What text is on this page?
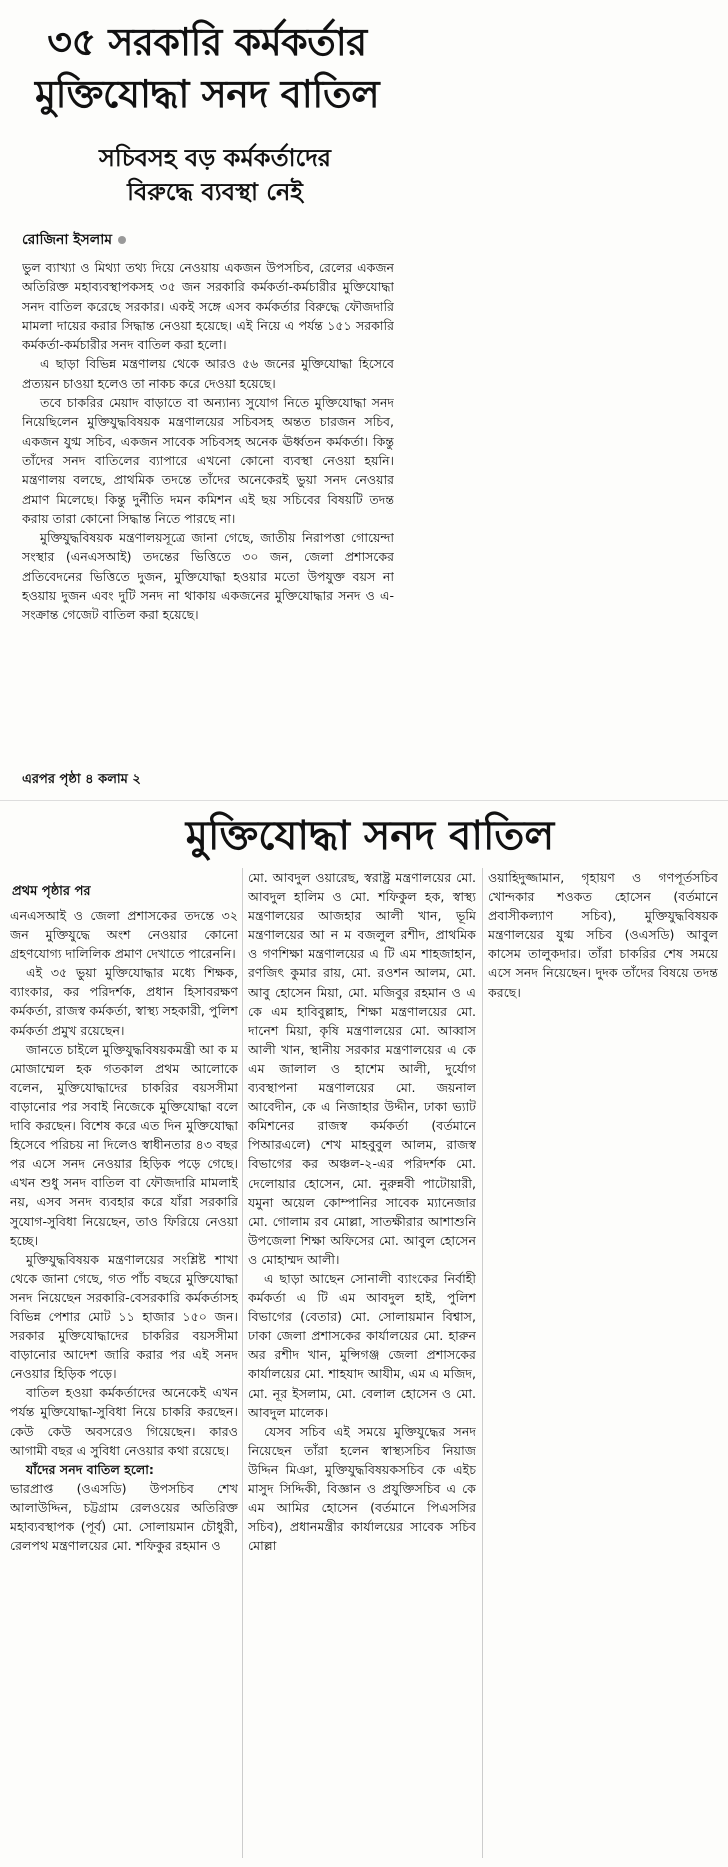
৩৫ সরকারি কর্মকর্তার
মুক্তিযোদ্ধা সনদ বাতিল
সচিবসহ বড় কর্মকর্তাদের
বিরুদ্ধে ব্যবস্থা নেই
রোজিনা ইসলাম

ভুল ব্যাখ্যা ও মিথ্যা তথ্য দিয়ে নেওয়ায় একজন উপসচিব, রেলের একজন অতিরিক্ত মহাব্যবস্থাপকসহ ৩৫ জন সরকারি কর্মকর্তা-কর্মচারীর মুক্তিযোদ্ধা সনদ বাতিল করেছে সরকার। একই সঙ্গে এসব কর্মকর্তার বিরুদ্ধে ফৌজদারি মামলা দায়ের করার সিদ্ধান্ত নেওয়া হয়েছে। এই নিয়ে এ পর্যন্ত ১৫১ সরকারি কর্মকর্তা-কর্মচারীর সনদ বাতিল করা হলো।

এ ছাড়া বিভিন্ন মন্ত্রণালয় থেকে আরও ৫৬ জনের মুক্তিযোদ্ধা হিসেবে প্রত্যয়ন চাওয়া হলেও তা নাকচ করে দেওয়া হয়েছে।

তবে চাকরির মেয়াদ বাড়াতে বা অন্যান্য সুযোগ নিতে মুক্তিযোদ্ধা সনদ নিয়েছিলেন মুক্তিযুদ্ধবিষয়ক মন্ত্রণালয়ের সচিবসহ অন্তত চারজন সচিব, একজন যুগ্ম সচিব, একজন সাবেক সচিবসহ অনেক ঊর্ধ্বতন কর্মকর্তা। কিন্তু তাঁদের সনদ বাতিলের ব্যাপারে এখনো কোনো ব্যবস্থা নেওয়া হয়নি। মন্ত্রণালয় বলছে, প্রাথমিক তদন্তে তাঁদের অনেকেরই ভুয়া সনদ নেওয়ার প্রমাণ মিলেছে। কিন্তু দুর্নীতি দমন কমিশন এই ছয় সচিবের বিষয়টি তদন্ত করায় তারা কোনো সিদ্ধান্ত নিতে পারছে না।

মুক্তিযুদ্ধবিষয়ক মন্ত্রণালয়সূত্রে জানা গেছে, জাতীয় নিরাপত্তা গোয়েন্দা সংস্থার (এনএসআই) তদন্তের ভিত্তিতে ৩০ জন, জেলা প্রশাসকের প্রতিবেদনের ভিত্তিতে দুজন, মুক্তিযোদ্ধা হওয়ার মতো উপযুক্ত বয়স না হওয়ায় দুজন এবং দুটি সনদ না থাকায় একজনের মুক্তিযোদ্ধার সনদ ও এ-সংক্রান্ত গেজেট বাতিল করা হয়েছে।

এরপর পৃষ্ঠা ৪ কলাম ২
মুক্তিযোদ্ধা সনদ বাতিল
প্রথম পৃষ্ঠার পর

এনএসআই ও জেলা প্রশাসকের তদন্তে ৩২ জন মুক্তিযুদ্ধে অংশ নেওয়ার কোনো গ্রহণযোগ্য দালিলিক প্রমাণ দেখাতে পারেননি।

এই ৩৫ ভুয়া মুক্তিযোদ্ধার মধ্যে শিক্ষক, ব্যাংকার, কর পরিদর্শক, প্রধান হিসাবরক্ষণ কর্মকর্তা, রাজস্ব কর্মকর্তা, স্বাস্থ্য সহকারী, পুলিশ কর্মকর্তা প্রমুখ রয়েছেন।

জানতে চাইলে মুক্তিযুদ্ধবিষয়কমন্ত্রী আ ক ম মোজাম্মেল হক গতকাল প্রথম আলোকে বলেন, মুক্তিযোদ্ধাদের চাকরির বয়সসীমা বাড়ানোর পর সবাই নিজেকে মুক্তিযোদ্ধা বলে দাবি করছেন। বিশেষ করে এত দিন মুক্তিযোদ্ধা হিসেবে পরিচয় না দিলেও স্বাধীনতার ৪৩ বছর পর এসে সনদ নেওয়ার হিড়িক পড়ে গেছে। এখন শুধু সনদ বাতিল বা ফৌজদারি মামলাই নয়, এসব সনদ ব্যবহার করে যাঁরা সরকারি সুযোগ-সুবিধা নিয়েছেন, তাও ফিরিয়ে নেওয়া হচ্ছে।

মুক্তিযুদ্ধবিষয়ক মন্ত্রণালয়ের সংশ্লিষ্ট শাখা থেকে জানা গেছে, গত পাঁচ বছরে মুক্তিযোদ্ধা সনদ নিয়েছেন সরকারি-বেসরকারি কর্মকর্তাসহ বিভিন্ন পেশার মোট ১১ হাজার ১৫০ জন। সরকার মুক্তিযোদ্ধাদের চাকরির বয়সসীমা বাড়ানোর আদেশ জারি করার পর এই সনদ নেওয়ার হিড়িক পড়ে।

বাতিল হওয়া কর্মকর্তাদের অনেকেই এখন পর্যন্ত মুক্তিযোদ্ধা-সুবিধা নিয়ে চাকরি করছেন। কেউ কেউ অবসরেও গিয়েছেন। কারও আগামী বছর এ সুবিধা নেওয়ার কথা রয়েছে।

যাঁদের সনদ বাতিল হলো:

ভারপ্রাপ্ত (ওএসডি) উপসচিব শেখ আলাউদ্দিন, চট্টগ্রাম রেলওয়ের অতিরিক্ত মহাব্যবস্থাপক (পূর্ব) মো. সোলায়মান চৌধুরী, রেলপথ মন্ত্রণালয়ের মো. শফিকুর রহমান ও

মো. আবদুল ওয়ারেছ, স্বরাষ্ট্র মন্ত্রণালয়ের মো. আবদুল হালিম ও মো. শফিকুল হক, স্বাস্থ্য মন্ত্রণালয়ের আজহার আলী খান, ভূমি মন্ত্রণালয়ের আ ন ম বজলুল রশীদ, প্রাথমিক ও গণশিক্ষা মন্ত্রণালয়ের এ টি এম শাহজাহান, রণজিৎ কুমার রায়, মো. রওশন আলম, মো. আবু হোসেন মিয়া, মো. মজিবুর রহমান ও এ কে এম হাবিবুল্লাহ, শিক্ষা মন্ত্রণালয়ের মো. দানেশ মিয়া, কৃষি মন্ত্রণালয়ের মো. আব্বাস আলী খান, স্থানীয় সরকার মন্ত্রণালয়ের এ কে এম জালাল ও হাশেম আলী, দুর্যোগ ব্যবস্থাপনা মন্ত্রণালয়ের মো. জয়নাল আবেদীন, কে এ নিজাহার উদ্দীন, ঢাকা ভ্যাট কমিশনের রাজস্ব কর্মকর্তা (বর্তমানে পিআরএলে) শেখ মাহবুবুল আলম, রাজস্ব বিভাগের কর অঞ্চল-২-এর পরিদর্শক মো. দেলোয়ার হোসেন, মো. নুরুন্নবী পাটোয়ারী, যমুনা অয়েল কোম্পানির সাবেক ম্যানেজার মো. গোলাম রব মোল্লা, সাতক্ষীরার আশাশুনি উপজেলা শিক্ষা অফিসের মো. আবুল হোসেন ও মোহাম্মদ আলী।

এ ছাড়া আছেন সোনালী ব্যাংকের নির্বাহী কর্মকর্তা এ টি এম আবদুল হাই, পুলিশ বিভাগের (বেতার) মো. সোলায়মান বিশ্বাস, ঢাকা জেলা প্রশাসকের কার্যালয়ের মো. হারুন অর রশীদ খান, মুন্সিগঞ্জ জেলা প্রশাসকের কার্যালয়ের মো. শাহযাদ আযীম, এম এ মজিদ, মো. নূর ইসলাম, মো. বেলাল হোসেন ও মো. আবদুল মালেক।

যেসব সচিব এই সময়ে মুক্তিযুদ্ধের সনদ নিয়েছেন তাঁরা হলেন স্বাস্থ্যসচিব নিয়াজ উদ্দিন মিঞা, মুক্তিযুদ্ধবিষয়কসচিব কে এইচ মাসুদ সিদ্দিকী, বিজ্ঞান ও প্রযুক্তিসচিব এ কে এম আমির হোসেন (বর্তমানে পিএসসির সচিব), প্রধানমন্ত্রীর কার্যালয়ের সাবেক সচিব মোল্লা

ওয়াহিদুজ্জামান, গৃহায়ণ ও গণপূর্তসচিব খোন্দকার শওকত হোসেন (বর্তমানে প্রবাসীকল্যাণ সচিব), মুক্তিযুদ্ধবিষয়ক মন্ত্রণালয়ের যুগ্ম সচিব (ওএসডি) আবুল কাসেম তালুকদার। তাঁরা চাকরির শেষ সময়ে এসে সনদ নিয়েছেন। দুদক তাঁদের বিষয়ে তদন্ত করছে।
